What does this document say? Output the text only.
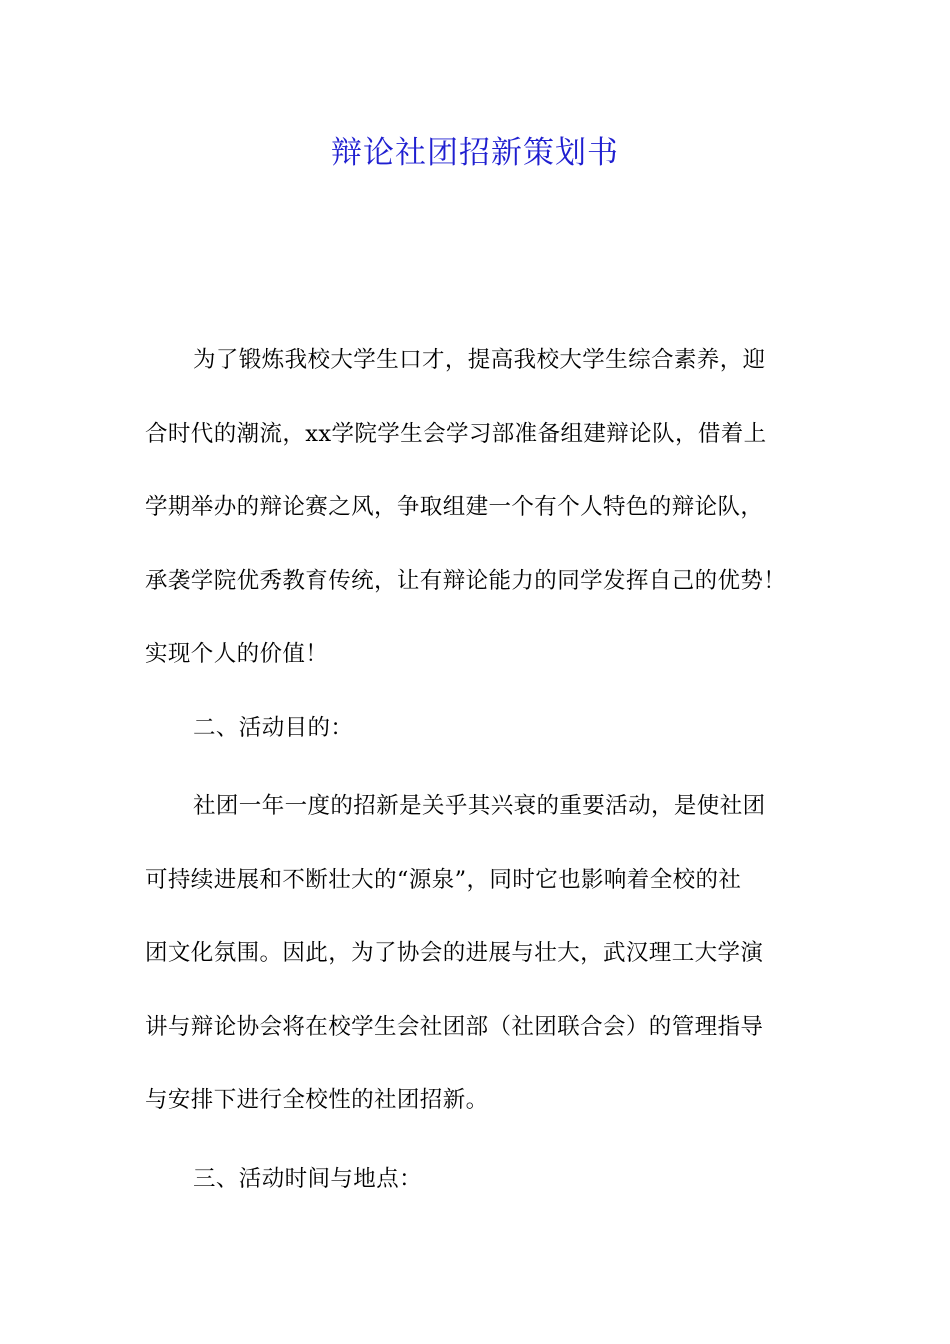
辩论社团招新策划书
为了锻炼我校大学生口才，提高我校大学生综合素养，迎
合时代的潮流，xx学院学生会学习部准备组建辩论队，借着上
学期举办的辩论赛之风，争取组建一个有个人特色的辩论队，
承袭学院优秀教育传统，让有辩论能力的同学发挥自己的优势！
实现个人的价值！
二、活动目的：
社团一年一度的招新是关乎其兴衰的重要活动，是使社团
可持续进展和不断壮大的“源泉”，同时它也影响着全校的社
团文化氛围。因此，为了协会的进展与壮大，武汉理工大学演
讲与辩论协会将在校学生会社团部（社团联合会）的管理指导
与安排下进行全校性的社团招新。
三、活动时间与地点：
